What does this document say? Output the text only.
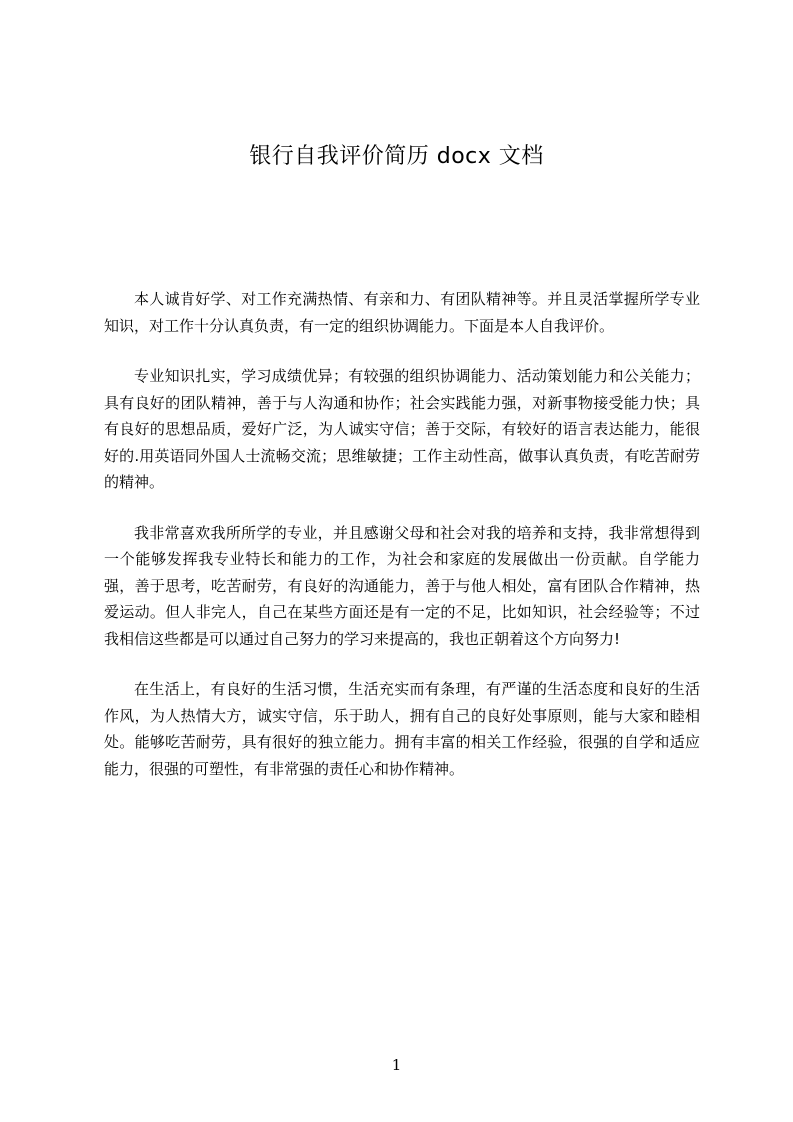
银行自我评价简历 docx 文档

本人诚肯好学、对工作充满热情、有亲和力、有团队精神等。并且灵活掌握所学专业知识，对工作十分认真负责，有一定的组织协调能力。下面是本人自我评价。

专业知识扎实，学习成绩优异；有较强的组织协调能力、活动策划能力和公关能力；具有良好的团队精神，善于与人沟通和协作；社会实践能力强，对新事物接受能力快；具有良好的思想品质，爱好广泛，为人诚实守信；善于交际，有较好的语言表达能力，能很好的.用英语同外国人士流畅交流；思维敏捷；工作主动性高，做事认真负责，有吃苦耐劳的精神。

我非常喜欢我所所学的专业，并且感谢父母和社会对我的培养和支持，我非常想得到一个能够发挥我专业特长和能力的工作，为社会和家庭的发展做出一份贡献。自学能力强，善于思考，吃苦耐劳，有良好的沟通能力，善于与他人相处，富有团队合作精神，热爱运动。但人非完人，自己在某些方面还是有一定的不足，比如知识，社会经验等；不过我相信这些都是可以通过自己努力的学习来提高的，我也正朝着这个方向努力!

在生活上，有良好的生活习惯，生活充实而有条理，有严谨的生活态度和良好的生活作风，为人热情大方，诚实守信，乐于助人，拥有自己的良好处事原则，能与大家和睦相处。能够吃苦耐劳，具有很好的独立能力。拥有丰富的相关工作经验，很强的自学和适应能力，很强的可塑性，有非常强的责任心和协作精神。

1
